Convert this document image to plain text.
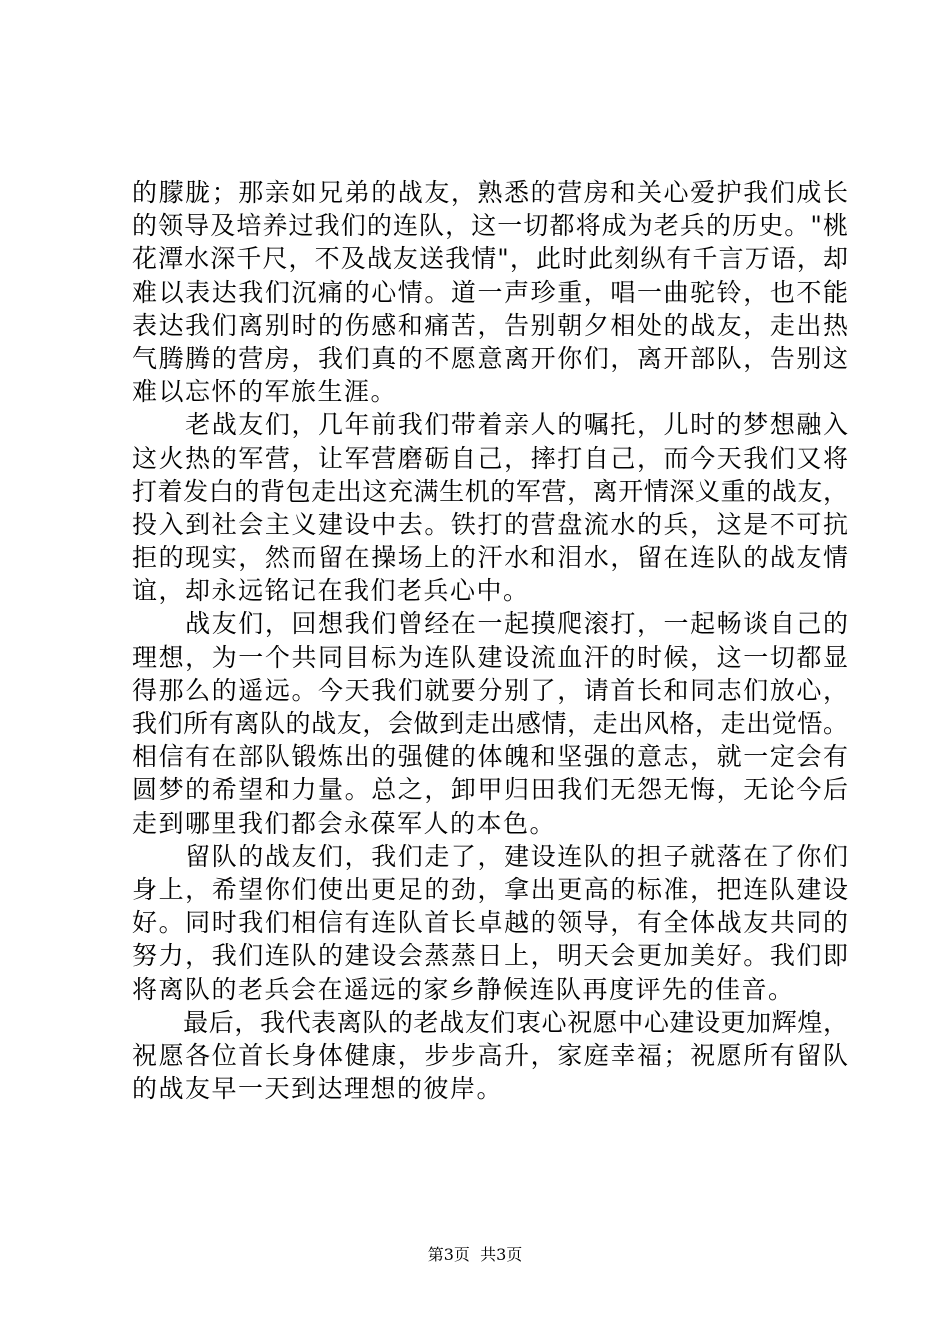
的朦胧；那亲如兄弟的战友，熟悉的营房和关心爱护我们成长
的领导及培养过我们的连队，这一切都将成为老兵的历史。"桃
花潭水深千尺，不及战友送我情"，此时此刻纵有千言万语，却
难以表达我们沉痛的心情。道一声珍重，唱一曲驼铃，也不能
表达我们离别时的伤感和痛苦，告别朝夕相处的战友，走出热
气腾腾的营房，我们真的不愿意离开你们，离开部队，告别这
难以忘怀的军旅生涯。
　　老战友们，几年前我们带着亲人的嘱托，儿时的梦想融入
这火热的军营，让军营磨砺自己，摔打自己，而今天我们又将
打着发白的背包走出这充满生机的军营，离开情深义重的战友，
投入到社会主义建设中去。铁打的营盘流水的兵，这是不可抗
拒的现实，然而留在操场上的汗水和泪水，留在连队的战友情
谊，却永远铭记在我们老兵心中。
　　战友们，回想我们曾经在一起摸爬滚打，一起畅谈自己的
理想，为一个共同目标为连队建设流血汗的时候，这一切都显
得那么的遥远。今天我们就要分别了，请首长和同志们放心，
我们所有离队的战友，会做到走出感情，走出风格，走出觉悟。
相信有在部队锻炼出的强健的体魄和坚强的意志，就一定会有
圆梦的希望和力量。总之，卸甲归田我们无怨无悔，无论今后
走到哪里我们都会永葆军人的本色。
　　留队的战友们，我们走了，建设连队的担子就落在了你们
身上，希望你们使出更足的劲，拿出更高的标准，把连队建设
好。同时我们相信有连队首长卓越的领导，有全体战友共同的
努力，我们连队的建设会蒸蒸日上，明天会更加美好。我们即
将离队的老兵会在遥远的家乡静候连队再度评先的佳音。
　　最后，我代表离队的老战友们衷心祝愿中心建设更加辉煌，
祝愿各位首长身体健康，步步高升，家庭幸福；祝愿所有留队
的战友早一天到达理想的彼岸。
第3页  共3页
